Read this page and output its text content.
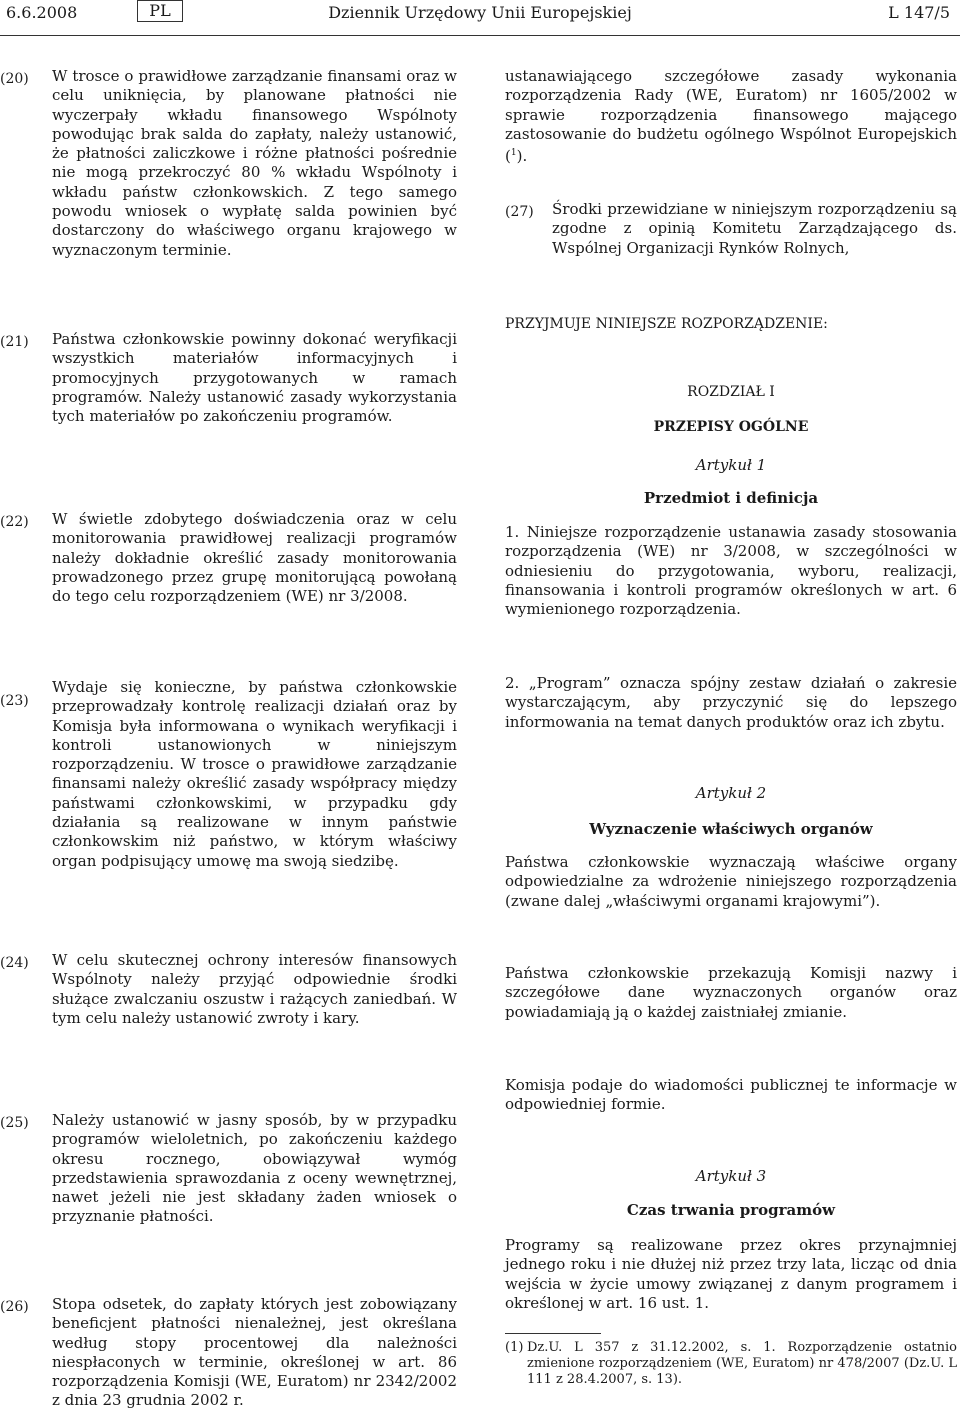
6.6.2008	PL	Dziennik Urzędowy Unii Europejskiej	L 147/5
(20) W trosce o prawidłowe zarządzanie finansami oraz w celu uniknięcia, by planowane płatności nie wyczerpały wkładu finansowego Wspólnoty powodując brak salda do zapłaty, należy ustanowić, że płatności zaliczkowe i różne płatności pośrednie nie mogą przekroczyć 80 % wkładu Wspólnoty i wkładu państw członkowskich. Z tego samego powodu wniosek o wypłatę salda powinien być dostarczony do właściwego organu krajowego w wyznaczonym terminie.
(21) Państwa członkowskie powinny dokonać weryfikacji wszystkich materiałów informacyjnych i promocyjnych przygotowanych w ramach programów. Należy ustanowić zasady wykorzystania tych materiałów po zakończeniu programów.
(22) W świetle zdobytego doświadczenia oraz w celu monitorowania prawidłowej realizacji programów należy dokładnie określić zasady monitorowania prowadzonego przez grupę monitorującą powołaną do tego celu rozporządzeniem (WE) nr 3/2008.
(23)
Wydaje się konieczne, by państwa członkowskie przeprowadzały kontrolę realizacji działań oraz by Komisja była informowana o wynikach weryfikacji i kontroli ustanowionych w niniejszym rozporządzeniu. W trosce o prawidłowe zarządzanie finansami należy określić zasady współpracy między państwami członkowskimi, w przypadku gdy działania są realizowane w innym państwie członkowskim niż państwo, w którym właściwy organ podpisujący umowę ma swoją siedzibę.
(24) W celu skutecznej ochrony interesów finansowych Wspólnoty należy przyjąć odpowiednie środki służące zwalczaniu oszustw i rażących zaniedbań. W tym celu należy ustanowić zwroty i kary.
(25) Należy ustanowić w jasny sposób, by w przypadku programów wieloletnich, po zakończeniu każdego okresu rocznego, obowiązywał wymóg przedstawienia sprawozdania z oceny wewnętrznej, nawet jeżeli nie jest składany żaden wniosek o przyznanie płatności.
(26) Stopa odsetek, do zapłaty których jest zobowiązany beneficjent płatności nienależnej, jest określana według stopy procentowej dla należności niespłaconych w terminie, określonej w art. 86 rozporządzenia Komisji (WE, Euratom) nr 2342/2002 z dnia 23 grudnia 2002 r.
ustanawiającego szczegółowe zasady wykonania rozporządzenia Rady (WE, Euratom) nr 1605/2002 w sprawie rozporządzenia finansowego mającego zastosowanie do budżetu ogólnego Wspólnot Europejskich ($^1$).
(27) Środki przewidziane w niniejszym rozporządzeniu są zgodne z opinią Komitetu Zarządzającego ds. Wspólnej Organizacji Rynków Rolnych,
PRZYJMUJE NINIEJSZE ROZPORZĄDZENIE:
ROZDZIAŁ I
PRZEPISY OGÓLNE
Artykuł 1
Przedmiot i definicja
1. Niniejsze rozporządzenie ustanawia zasady stosowania rozporządzenia (WE) nr 3/2008, w szczególności w odniesieniu do przygotowania, wyboru, realizacji, finansowania i kontroli programów określonych w art. 6 wymienionego rozporządzenia.
2. „Program” oznacza spójny zestaw działań o zakresie wystarczającym, aby przyczynić się do lepszego informowania na temat danych produktów oraz ich zbytu.
Artykuł 2
Wyznaczenie właściwych organów
Państwa członkowskie wyznaczają właściwe organy odpowiedzialne za wdrożenie niniejszego rozporządzenia (zwane dalej „właściwymi organami krajowymi”).
Państwa członkowskie przekazują Komisji nazwy i szczegółowe dane wyznaczonych organów oraz powiadamiają ją o każdej zaistniałej zmianie.
Komisja podaje do wiadomości publicznej te informacje w odpowiedniej formie.
Artykuł 3
Czas trwania programów
Programy są realizowane przez okres przynajmniej jednego roku i nie dłużej niż przez trzy lata, licząc od dnia wejścia w życie umowy związanej z danym programem i określonej w art. 16 ust. 1.
(1) Dz.U. L 357 z 31.12.2002, s. 1. Rozporządzenie ostatnio zmienione rozporządzeniem (WE, Euratom) nr 478/2007 (Dz.U. L 111 z 28.4.2007, s. 13).
